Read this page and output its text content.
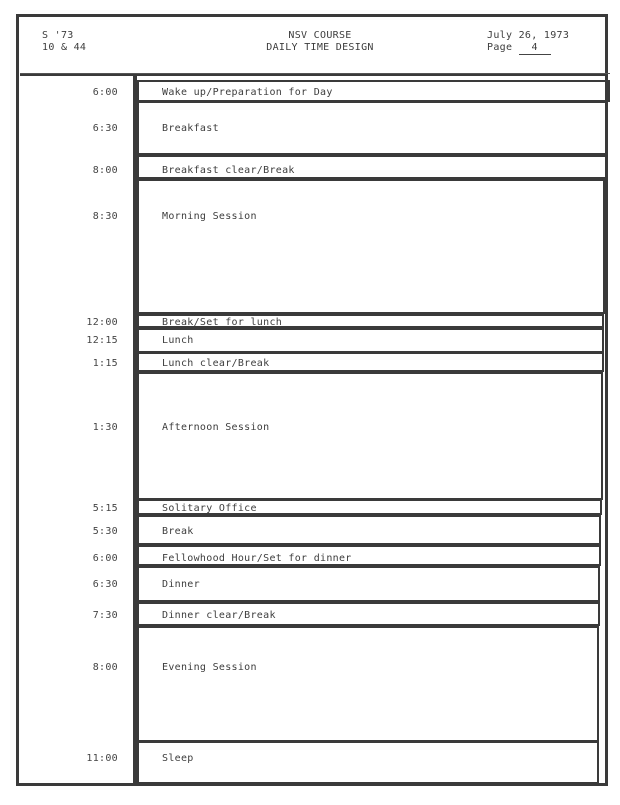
S '73
10 & 44
NSV COURSE
DAILY TIME DESIGN
July 26, 1973
Page 4
6:00	Wake up/Preparation for Day
6:30	Breakfast
8:00	Breakfast clear/Break
8:30	Morning Session
12:00	Break/Set for lunch
12:15	Lunch
1:15	Lunch clear/Break
1:30	Afternoon Session
5:15	Solitary Office
5:30	Break
6:00	Fellowhood Hour/Set for dinner
6:30	Dinner
7:30	Dinner clear/Break
8:00	Evening Session
11:00	Sleep
